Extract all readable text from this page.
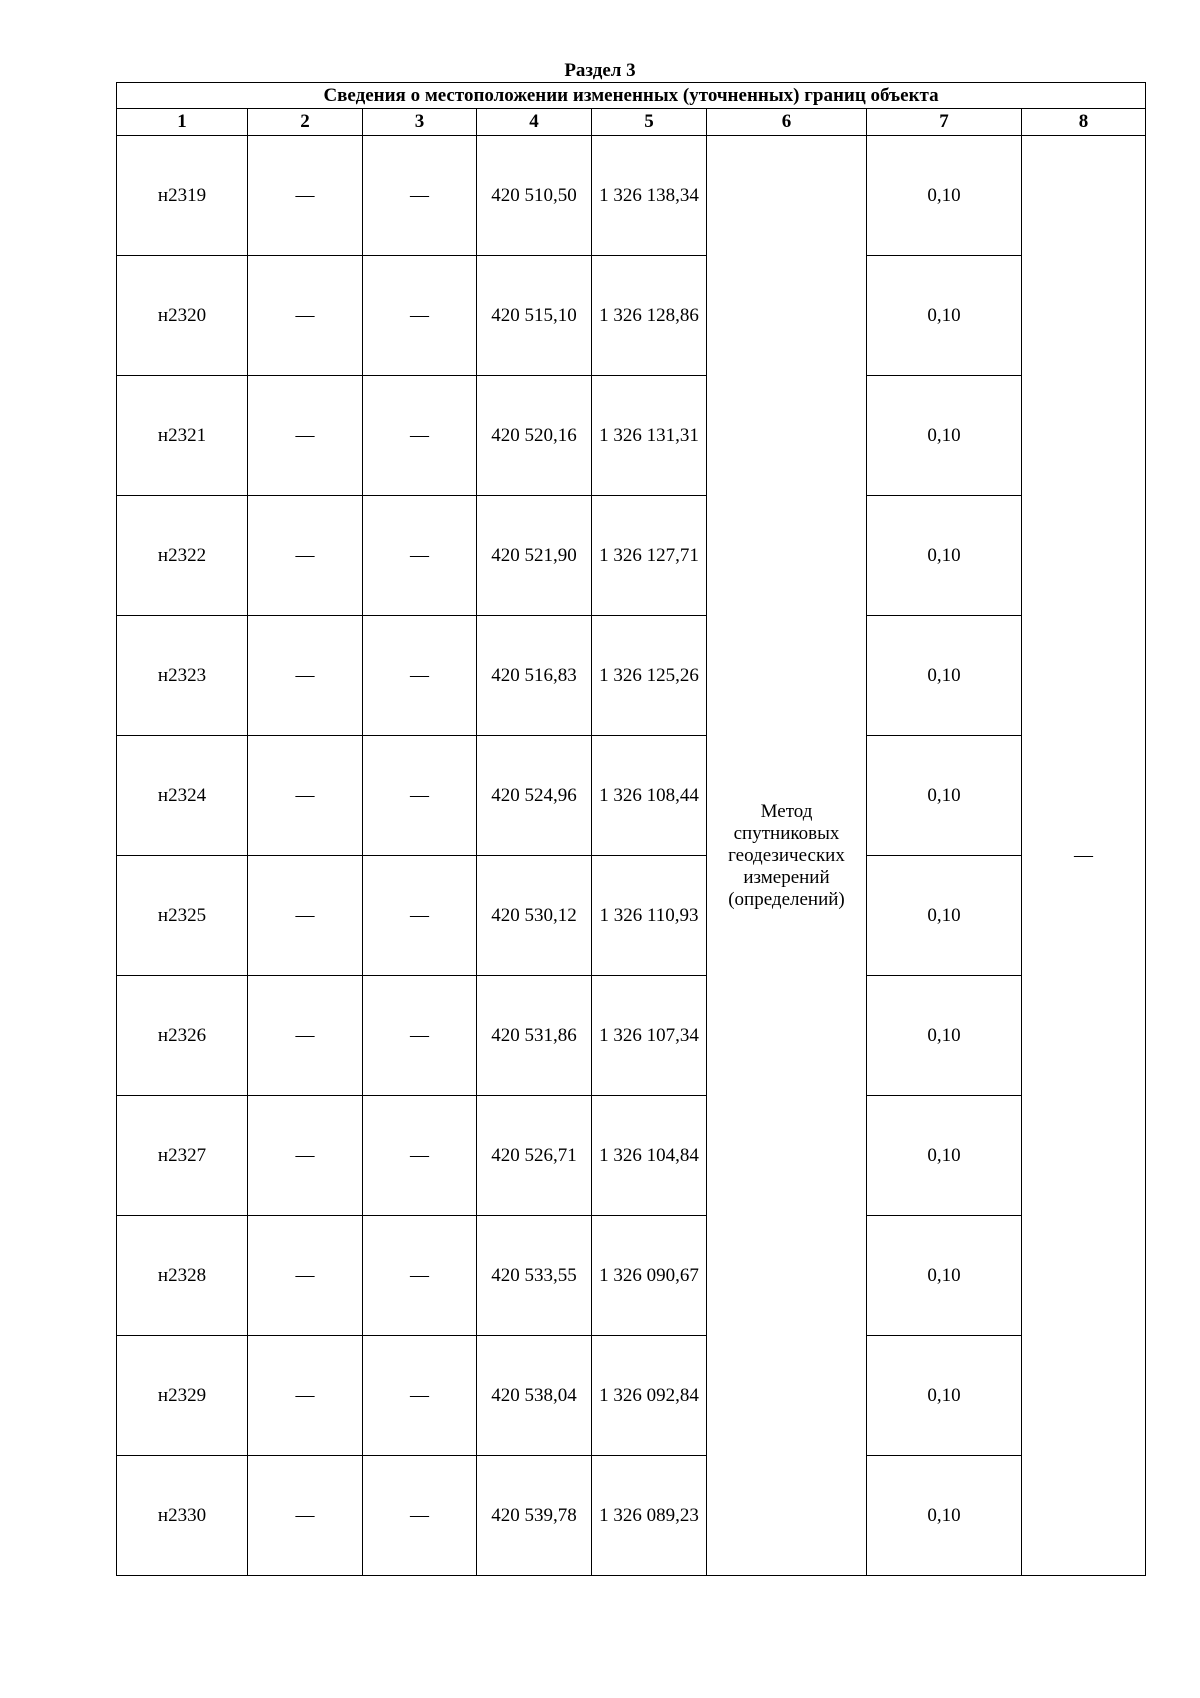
Раздел 3
Сведения о местоположении измененных (уточненных) границ объекта							
1	2	3	4	5	6	7	8
н2319	—	—	420 510,50	1 326 138,34	Метод
спутниковых
геодезических
измерений
(определений)	0,10	—
н2320	—	—	420 515,10	1 326 128,86		0,10	
н2321	—	—	420 520,16	1 326 131,31		0,10	
н2322	—	—	420 521,90	1 326 127,71		0,10	
н2323	—	—	420 516,83	1 326 125,26		0,10	
н2324	—	—	420 524,96	1 326 108,44		0,10	
н2325	—	—	420 530,12	1 326 110,93		0,10	
н2326	—	—	420 531,86	1 326 107,34		0,10	
н2327	—	—	420 526,71	1 326 104,84		0,10	
н2328	—	—	420 533,55	1 326 090,67		0,10	
н2329	—	—	420 538,04	1 326 092,84		0,10	
н2330	—	—	420 539,78	1 326 089,23		0,10	
